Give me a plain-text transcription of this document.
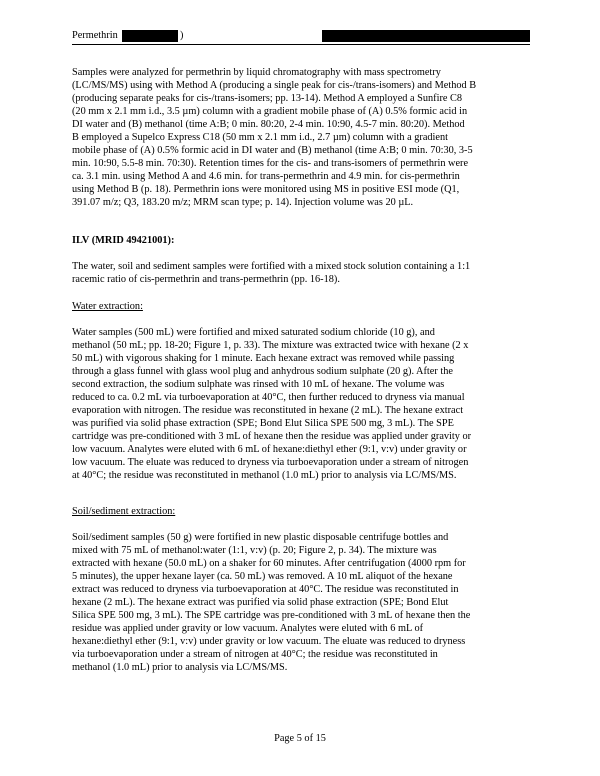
Permethrin	)
Samples were analyzed for permethrin by liquid chromatography with mass spectrometry
(LC/MS/MS) using with Method A (producing a single peak for cis-/trans-isomers) and Method B
(producing separate peaks for cis-/trans-isomers; pp. 13-14). Method A employed a Sunfire C8
(20 mm x 2.1 mm i.d., 3.5 µm) column with a gradient mobile phase of (A) 0.5% formic acid in
DI water and (B) methanol (time A:B; 0 min. 80:20, 2-4 min. 10:90, 4.5-7 min. 80:20). Method
B employed a Supelco Express C18 (50 mm x 2.1 mm i.d., 2.7 µm) column with a gradient
mobile phase of (A) 0.5% formic acid in DI water and (B) methanol (time A:B; 0 min. 70:30, 3-5
min. 10:90, 5.5-8 min. 70:30). Retention times for the cis- and trans-isomers of permethrin were
ca. 3.1 min. using Method A and 4.6 min. for trans-permethrin and 4.9 min. for cis-permethrin
using Method B (p. 18). Permethrin ions were monitored using MS in positive ESI mode (Q1,
391.07 m/z; Q3, 183.20 m/z; MRM scan type; p. 14). Injection volume was 20 µL.
ILV (MRID 49421001):
The water, soil and sediment samples were fortified with a mixed stock solution containing a 1:1
racemic ratio of cis-permethrin and trans-permethrin (pp. 16-18).
Water extraction:
Water samples (500 mL) were fortified and mixed saturated sodium chloride (10 g), and
methanol (50 mL; pp. 18-20; Figure 1, p. 33). The mixture was extracted twice with hexane (2 x
50 mL) with vigorous shaking for 1 minute. Each hexane extract was removed while passing
through a glass funnel with glass wool plug and anhydrous sodium sulphate (20 g). After the
second extraction, the sodium sulphate was rinsed with 10 mL of hexane. The volume was
reduced to ca. 0.2 mL via turboevaporation at 40°C, then further reduced to dryness via manual
evaporation with nitrogen. The residue was reconstituted in hexane (2 mL). The hexane extract
was purified via solid phase extraction (SPE; Bond Elut Silica SPE 500 mg, 3 mL). The SPE
cartridge was pre-conditioned with 3 mL of hexane then the residue was applied under gravity or
low vacuum. Analytes were eluted with 6 mL of hexane:diethyl ether (9:1, v:v) under gravity or
low vacuum. The eluate was reduced to dryness via turboevaporation under a stream of nitrogen
at 40°C; the residue was reconstituted in methanol (1.0 mL) prior to analysis via LC/MS/MS.
Soil/sediment extraction:
Soil/sediment samples (50 g) were fortified in new plastic disposable centrifuge bottles and
mixed with 75 mL of methanol:water (1:1, v:v) (p. 20; Figure 2, p. 34). The mixture was
extracted with hexane (50.0 mL) on a shaker for 60 minutes. After centrifugation (4000 rpm for
5 minutes), the upper hexane layer (ca. 50 mL) was removed. A 10 mL aliquot of the hexane
extract was reduced to dryness via turboevaporation at 40°C. The residue was reconstituted in
hexane (2 mL). The hexane extract was purified via solid phase extraction (SPE; Bond Elut
Silica SPE 500 mg, 3 mL). The SPE cartridge was pre-conditioned with 3 mL of hexane then the
residue was applied under gravity or low vacuum. Analytes were eluted with 6 mL of
hexane:diethyl ether (9:1, v:v) under gravity or low vacuum. The eluate was reduced to dryness
via turboevaporation under a stream of nitrogen at 40°C; the residue was reconstituted in
methanol (1.0 mL) prior to analysis via LC/MS/MS.
Page 5 of 15
